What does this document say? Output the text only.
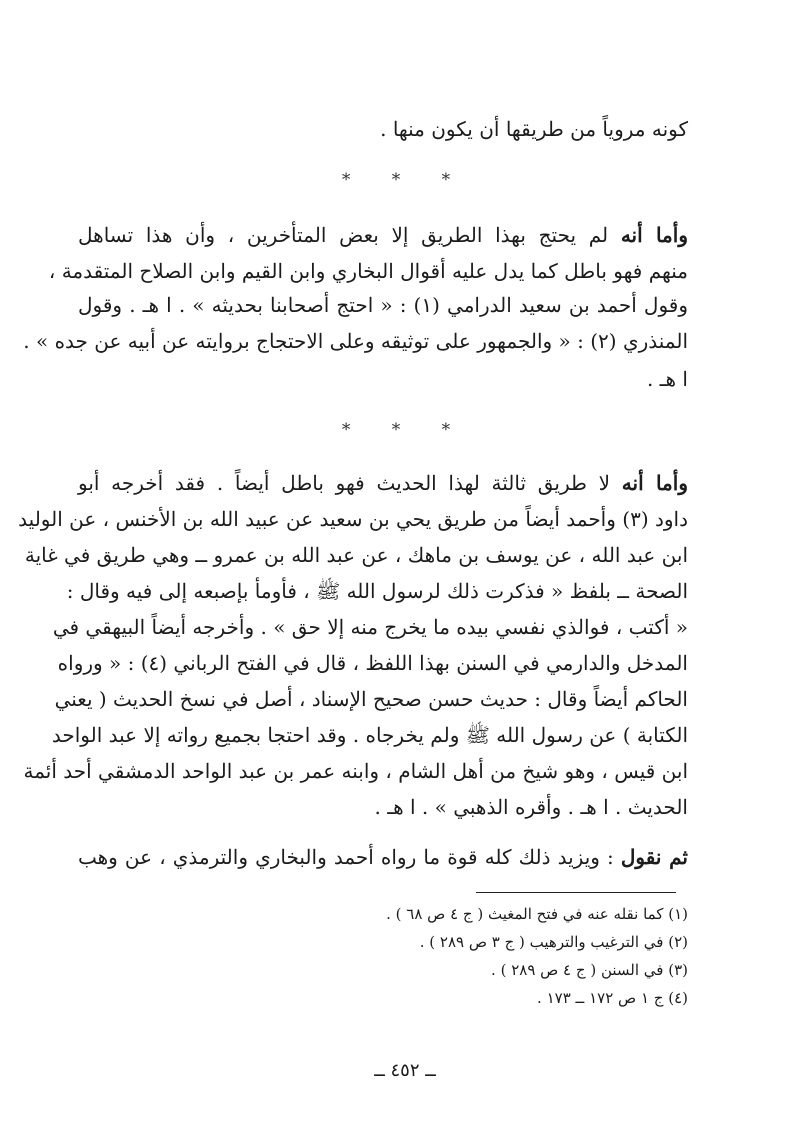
كونه مروياً من طريقها أن يكون منها .
* * *
وأما أنه لم يحتج بهذا الطريق إلا بعض المتأخرين ، وأن هذا تساهل
منهم فهو باطل كما يدل عليه أقوال البخاري وابن القيم وابن الصلاح المتقدمة ،
وقول أحمد بن سعيد الدرامي (١) : « احتج أصحابنا بحديثه » . ا هـ . وقول
المنذري (٢) : « والجمهور على توثيقه وعلى الاحتجاج بروايته عن أبيه عن جده » .
ا هـ .
* * *
وأما أنه لا طريق ثالثة لهذا الحديث فهو باطل أيضاً . فقد أخرجه أبو
داود (٣) وأحمد أيضاً من طريق يحي بن سعيد عن عبيد الله بن الأخنس ، عن الوليد
ابن عبد الله ، عن يوسف بن ماهك ، عن عبد الله بن عمرو ــ وهي طريق في غاية
الصحة ــ بلفظ « فذكرت ذلك لرسول الله ﷺ ، فأومأ بإصبعه إلى فيه وقال :
« أكتب ، فوالذي نفسي بيده ما يخرج منه إلا حق » . وأخرجه أيضاً البيهقي في
المدخل والدارمي في السنن بهذا اللفظ ، قال في الفتح الرباني (٤) : « ورواه
الحاكم أيضاً وقال : حديث حسن صحيح الإسناد ، أصل في نسخ الحديث ( يعني
الكتابة ) عن رسول الله ﷺ ولم يخرجاه . وقد احتجا بجميع رواته إلا عبد الواحد
ابن قيس ، وهو شيخ من أهل الشام ، وابنه عمر بن عبد الواحد الدمشقي أحد أئمة
الحديث . ا هـ . وأقره الذهبي » . ا هـ .
ثم نقول : ويزيد ذلك كله قوة ما رواه أحمد والبخاري والترمذي ، عن وهب
(١) كما نقله عنه في فتح المغيث ( ج ٤ ص ٦٨ ) .
(٢) في الترغيب والترهيب ( ج ٣ ص ٢٨٩ ) .
(٣) في السنن ( ج ٤ ص ٢٨٩ ) .
(٤) ج ١ ص ١٧٢ ــ ١٧٣ .
ــ ٤٥٢ ــ
